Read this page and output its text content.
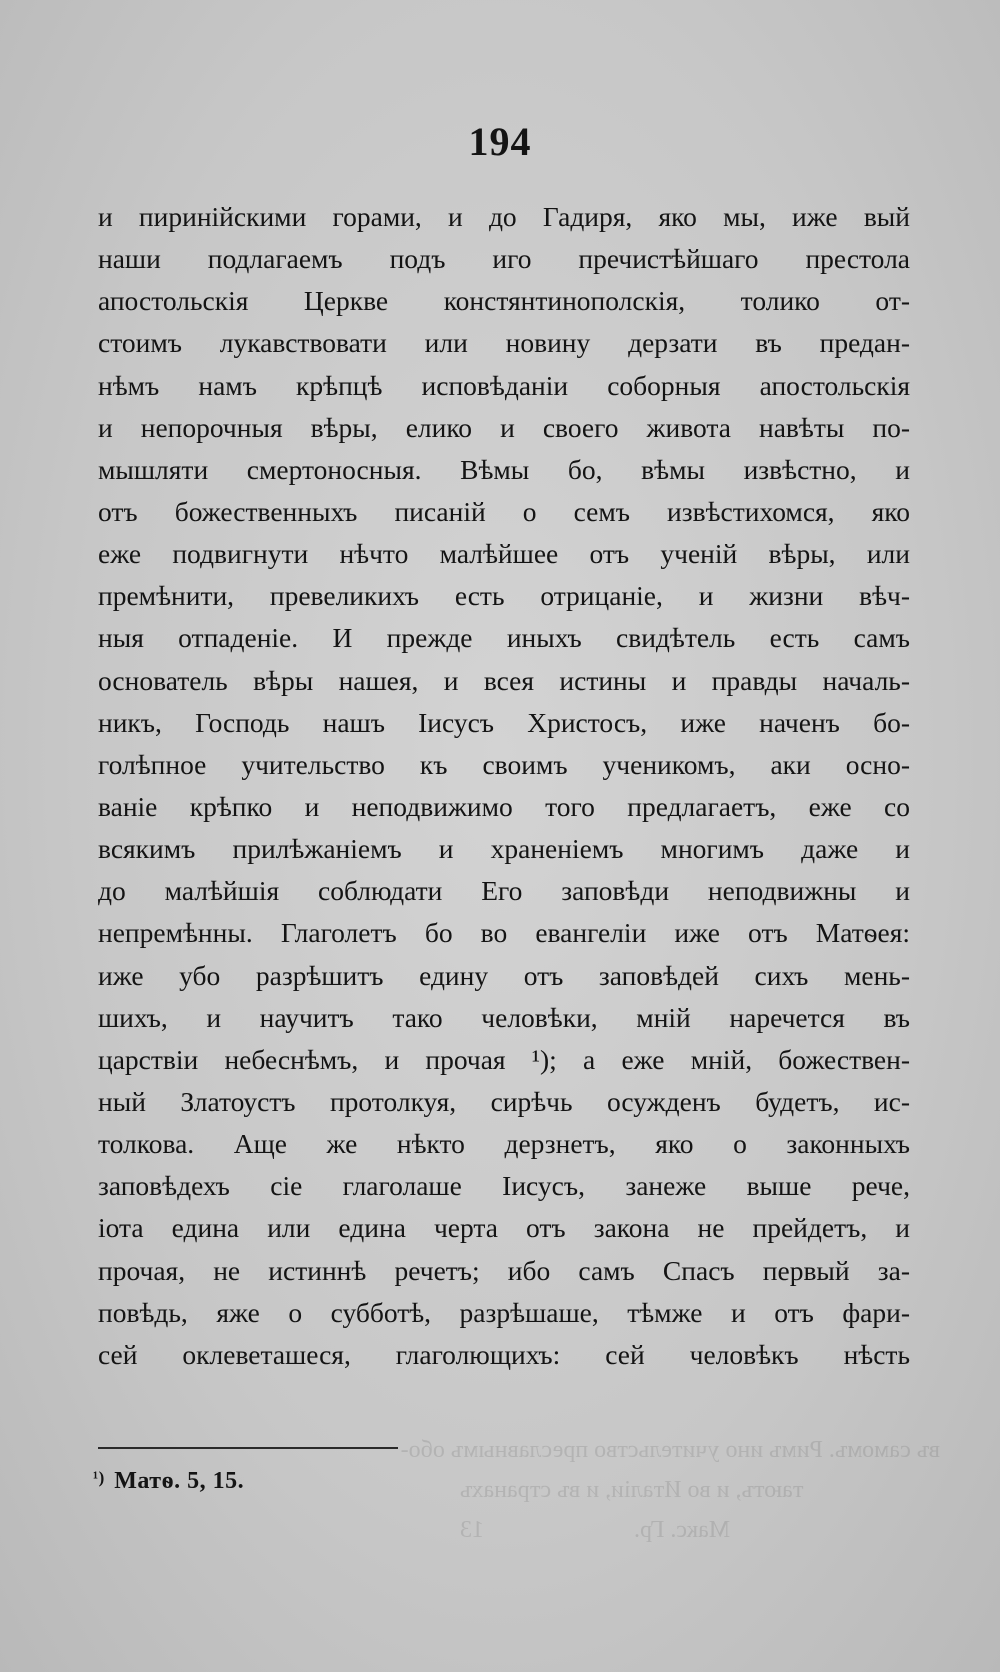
194
и пиринійскими горами, и до Гадиря, яко мы, иже вый
наши подлагаемъ подъ иго пречистѣйшаго престола
апостольскія Церкве констянтинополскія, толико от-
стоимъ лукавствовати или новину дерзати въ предан-
нѣмъ намъ крѣпцѣ исповѣданіи соборныя апостольскія
и непорочныя вѣры, елико и своего живота навѣты по-
мышляти смертоносныя. Вѣмы бо, вѣмы извѣстно, и
отъ божественныхъ писаній о семъ извѣстихомся, яко
еже подвигнути нѣчто малѣйшее отъ ученій вѣры, или
премѣнити, превеликихъ есть отрицаніе, и жизни вѣч-
ныя отпаденіе. И прежде иныхъ свидѣтель есть самъ
основатель вѣры нашея, и всея истины и правды началь-
никъ, Господь нашъ Іисусъ Христосъ, иже наченъ бо-
голѣпное учительство къ своимъ ученикомъ, аки осно-
ваніе крѣпко и неподвижимо того предлагаетъ, еже со
всякимъ прилѣжаніемъ и храненіемъ многимъ даже и
до малѣйшія соблюдати Его заповѣди неподвижны и
непремѣнны. Глаголетъ бо во евангеліи иже отъ Матѳея:
иже убо разрѣшитъ едину отъ заповѣдей сихъ мень-
шихъ, и научитъ тако человѣки, мній наречется въ
царствіи небеснѣмъ, и прочая ¹); а еже мній, божествен-
ный Златоустъ протолкуя, сирѣчь осужденъ будетъ, ис-
толкова. Аще же нѣкто дерзнетъ, яко о законныхъ
заповѣдехъ сіе глаголаше Іисусъ, занеже выше рече,
іота едина или едина черта отъ закона не прейдетъ, и
прочая, не истиннѣ речетъ; ибо самъ Спасъ первый за-
повѣдь, яже о субботѣ, разрѣшаше, тѣмже и отъ фари-
сей оклеветашеся, глаголющихъ: сей человѣкъ нѣсть
въ самомъ. Римъ ино учительство преславнымъ обо-
таютъ, и во Италіи, и въ странахъ
Макс. Гр.13
$^{^1)}$ Матѳ. 5, 15.
